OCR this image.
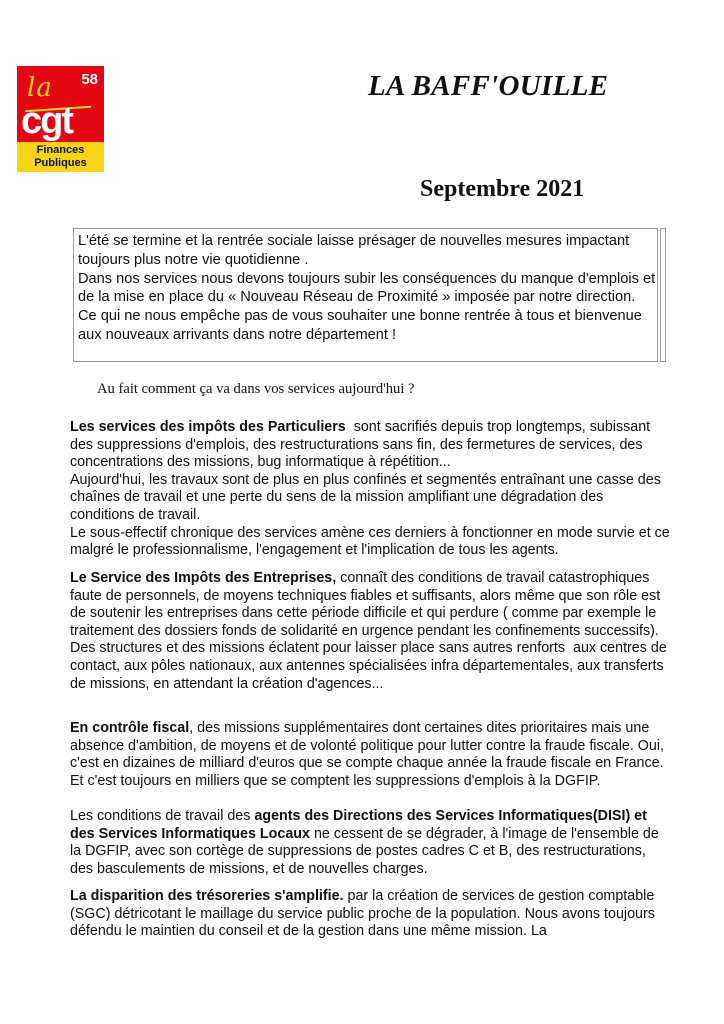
58
la
cgt
Finances
Publiques
LA BAFF'OUILLE
Septembre 2021

L'été se termine et la rentrée sociale laisse présager de nouvelles mesures impactant toujours plus notre vie quotidienne .

Dans nos services nous devons toujours subir les conséquences du manque d'emplois et de la mise en place du « Nouveau Réseau de Proximité » imposée par notre direction. Ce qui ne nous empêche pas de vous souhaiter une bonne rentrée à tous et bienvenue aux nouveaux arrivants dans notre département !

Au fait comment ça va dans vos services aujourd'hui ?

Les services des impôts des Particuliers  sont sacrifiés depuis trop longtemps, subissant des suppressions d'emplois, des restructurations sans fin, des fermetures de services, des concentrations des missions, bug informatique à répétition...

Aujourd'hui, les travaux sont de plus en plus confinés et segmentés entraînant une casse des chaînes de travail et une perte du sens de la mission amplifiant une dégradation des conditions de travail.

Le sous-effectif chronique des services amène ces derniers à fonctionner en mode survie et ce malgré le professionnalisme, l'engagement et l'implication de tous les agents.

Le Service des Impôts des Entreprises, connaît des conditions de travail catastrophiques faute de personnels, de moyens techniques fiables et suffisants, alors même que son rôle est de soutenir les entreprises dans cette période difficile et qui perdure ( comme par exemple le traitement des dossiers fonds de solidarité en urgence pendant les confinements successifs).

Des structures et des missions éclatent pour laisser place sans autres renforts  aux centres de contact, aux pôles nationaux, aux antennes spécialisées infra départementales, aux transferts de missions, en attendant la création d'agences...

En contrôle fiscal, des missions supplémentaires dont certaines dites prioritaires mais une absence d'ambition, de moyens et de volonté politique pour lutter contre la fraude fiscale. Oui, c'est en dizaines de milliard d'euros que se compte chaque année la fraude fiscale en France. Et c'est toujours en milliers que se comptent les suppressions d'emplois à la DGFIP.

Les conditions de travail des agents des Directions des Services Informatiques(DISI) et des Services Informatiques Locaux ne cessent de se dégrader, à l'image de l'ensemble de la DGFIP, avec son cortège de suppressions de postes cadres C et B, des restructurations, des basculements de missions, et de nouvelles charges.

La disparition des trésoreries s'amplifie. par la création de services de gestion comptable (SGC) détricotant le maillage du service public proche de la population. Nous avons toujours défendu le maintien du conseil et de la gestion dans une même mission. La
